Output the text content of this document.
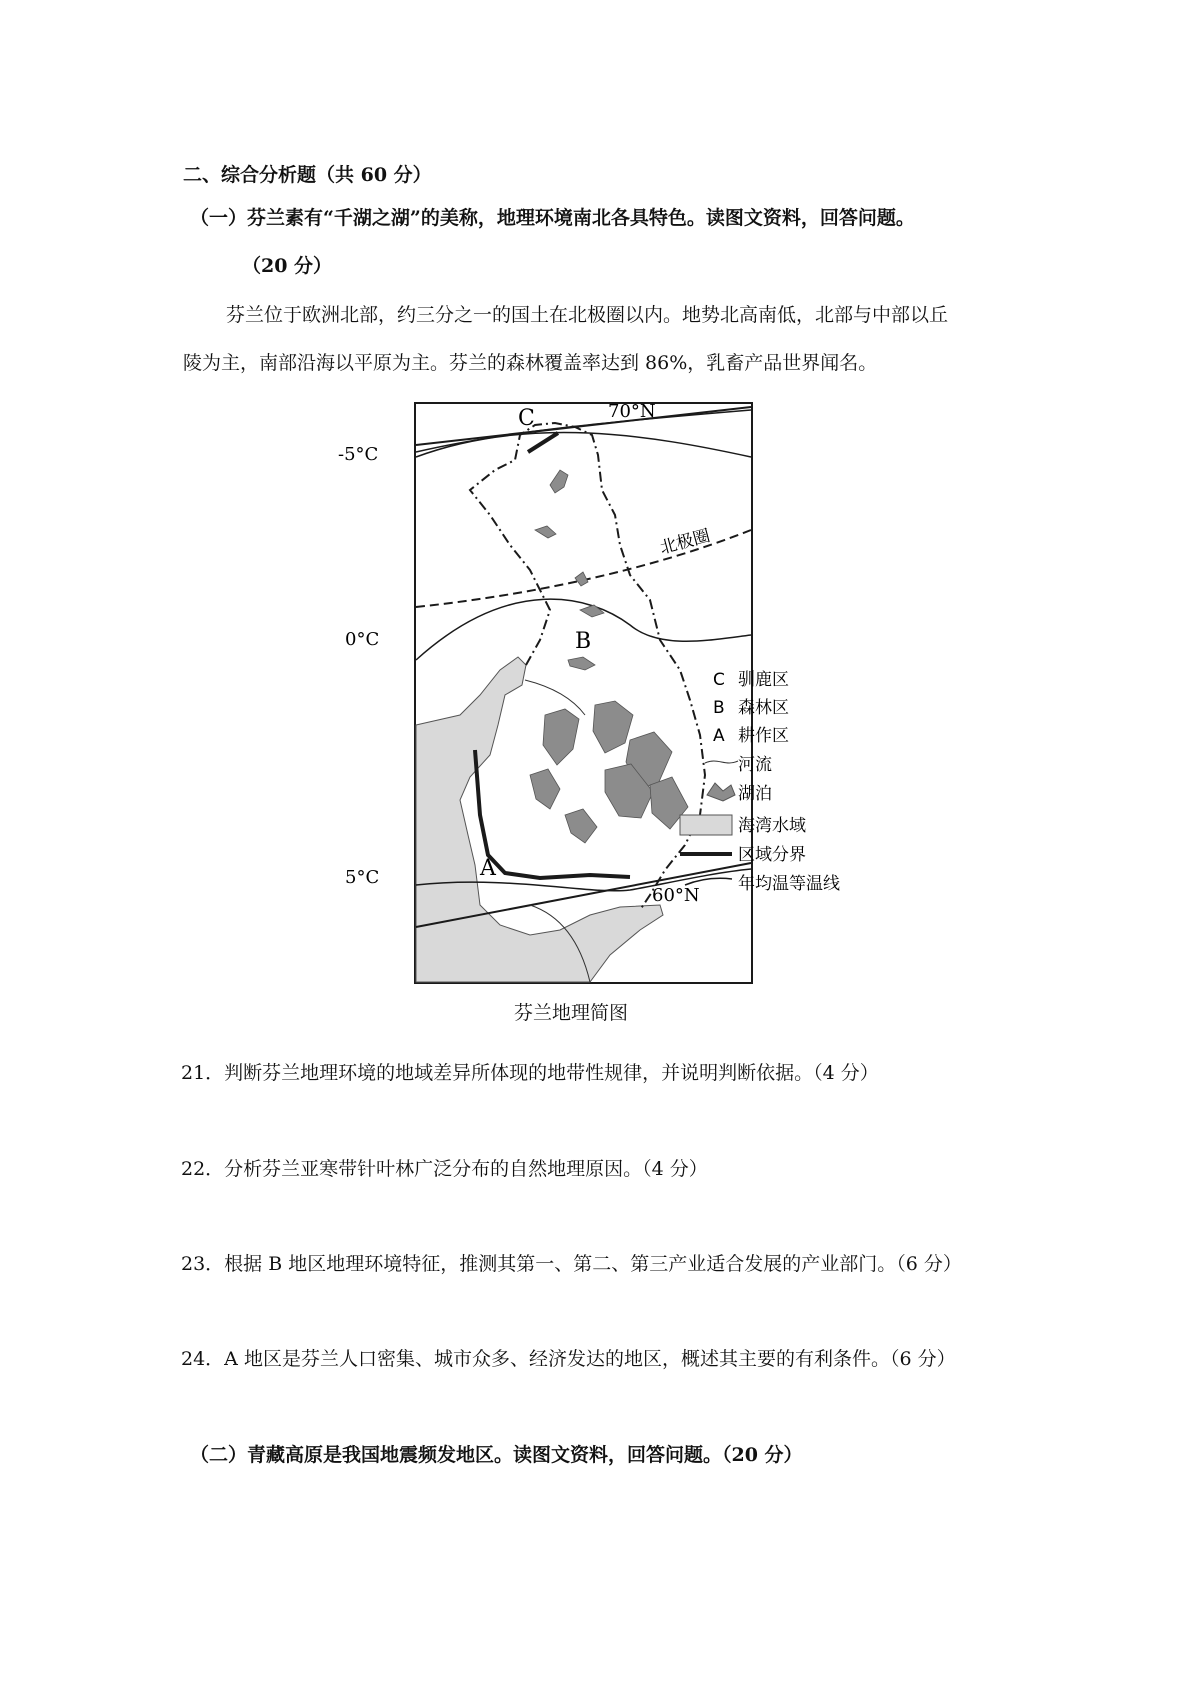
二、综合分析题（共 60 分）
（一）芬兰素有“千湖之湖”的美称，地理环境南北各具特色。读图文资料，回答问题。
（20 分）
芬兰位于欧洲北部，约三分之一的国土在北极圈以内。地势北高南低，北部与中部以丘
陵为主，南部沿海以平原为主。芬兰的森林覆盖率达到 86%，乳畜产品世界闻名。
C
B
A
70°N
60°N
-5°C
0°C
5°C
北极圈
C 驯鹿区
B 森林区
A 耕作区
河流
湖泊
海湾水域
区域分界
年均温等温线
芬兰地理简图
21．判断芬兰地理环境的地域差异所体现的地带性规律，并说明判断依据。（4 分）
22．分析芬兰亚寒带针叶林广泛分布的自然地理原因。（4 分）
23．根据 B 地区地理环境特征，推测其第一、第二、第三产业适合发展的产业部门。（6 分）
24．A 地区是芬兰人口密集、城市众多、经济发达的地区，概述其主要的有利条件。（6 分）
（二）青藏高原是我国地震频发地区。读图文资料，回答问题。（20 分）
